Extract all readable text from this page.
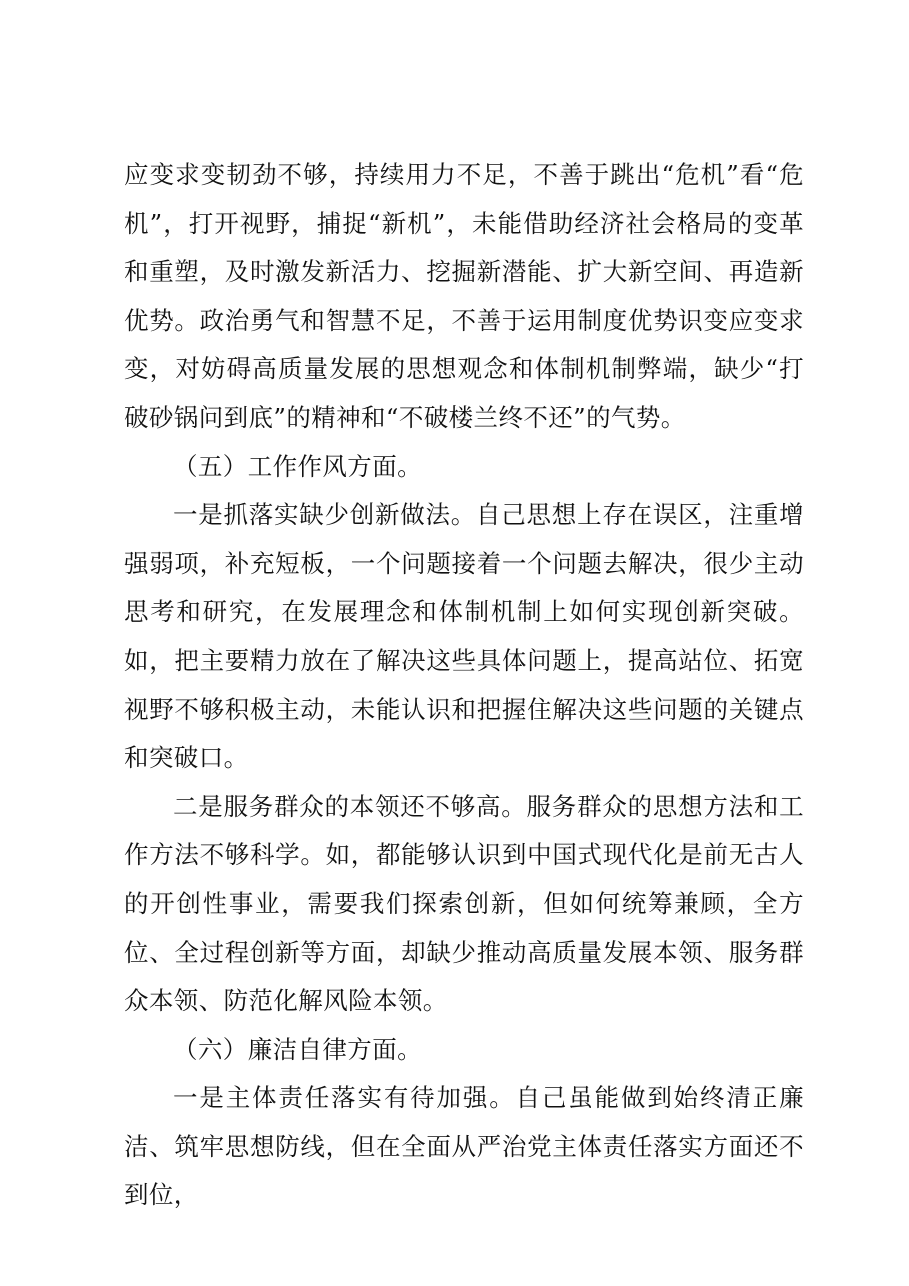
应变求变韧劲不够，持续用力不足，不善于跳出“危机”看“危机”，打开视野，捕捉“新机”，未能借助经济社会格局的变革和重塑，及时激发新活力、挖掘新潜能、扩大新空间、再造新优势。政治勇气和智慧不足，不善于运用制度优势识变应变求变，对妨碍高质量发展的思想观念和体制机制弊端，缺少“打破砂锅问到底”的精神和“不破楼兰终不还”的气势。

（五）工作作风方面。

一是抓落实缺少创新做法。自己思想上存在误区，注重增强弱项，补充短板，一个问题接着一个问题去解决，很少主动思考和研究，在发展理念和体制机制上如何实现创新突破。如，把主要精力放在了解决这些具体问题上，提高站位、拓宽视野不够积极主动，未能认识和把握住解决这些问题的关键点和突破口。

二是服务群众的本领还不够高。服务群众的思想方法和工作方法不够科学。如，都能够认识到中国式现代化是前无古人的开创性事业，需要我们探索创新，但如何统筹兼顾，全方位、全过程创新等方面，却缺少推动高质量发展本领、服务群众本领、防范化解风险本领。

（六）廉洁自律方面。

一是主体责任落实有待加强。自己虽能做到始终清正廉洁、筑牢思想防线，但在全面从严治党主体责任落实方面还不到位，
